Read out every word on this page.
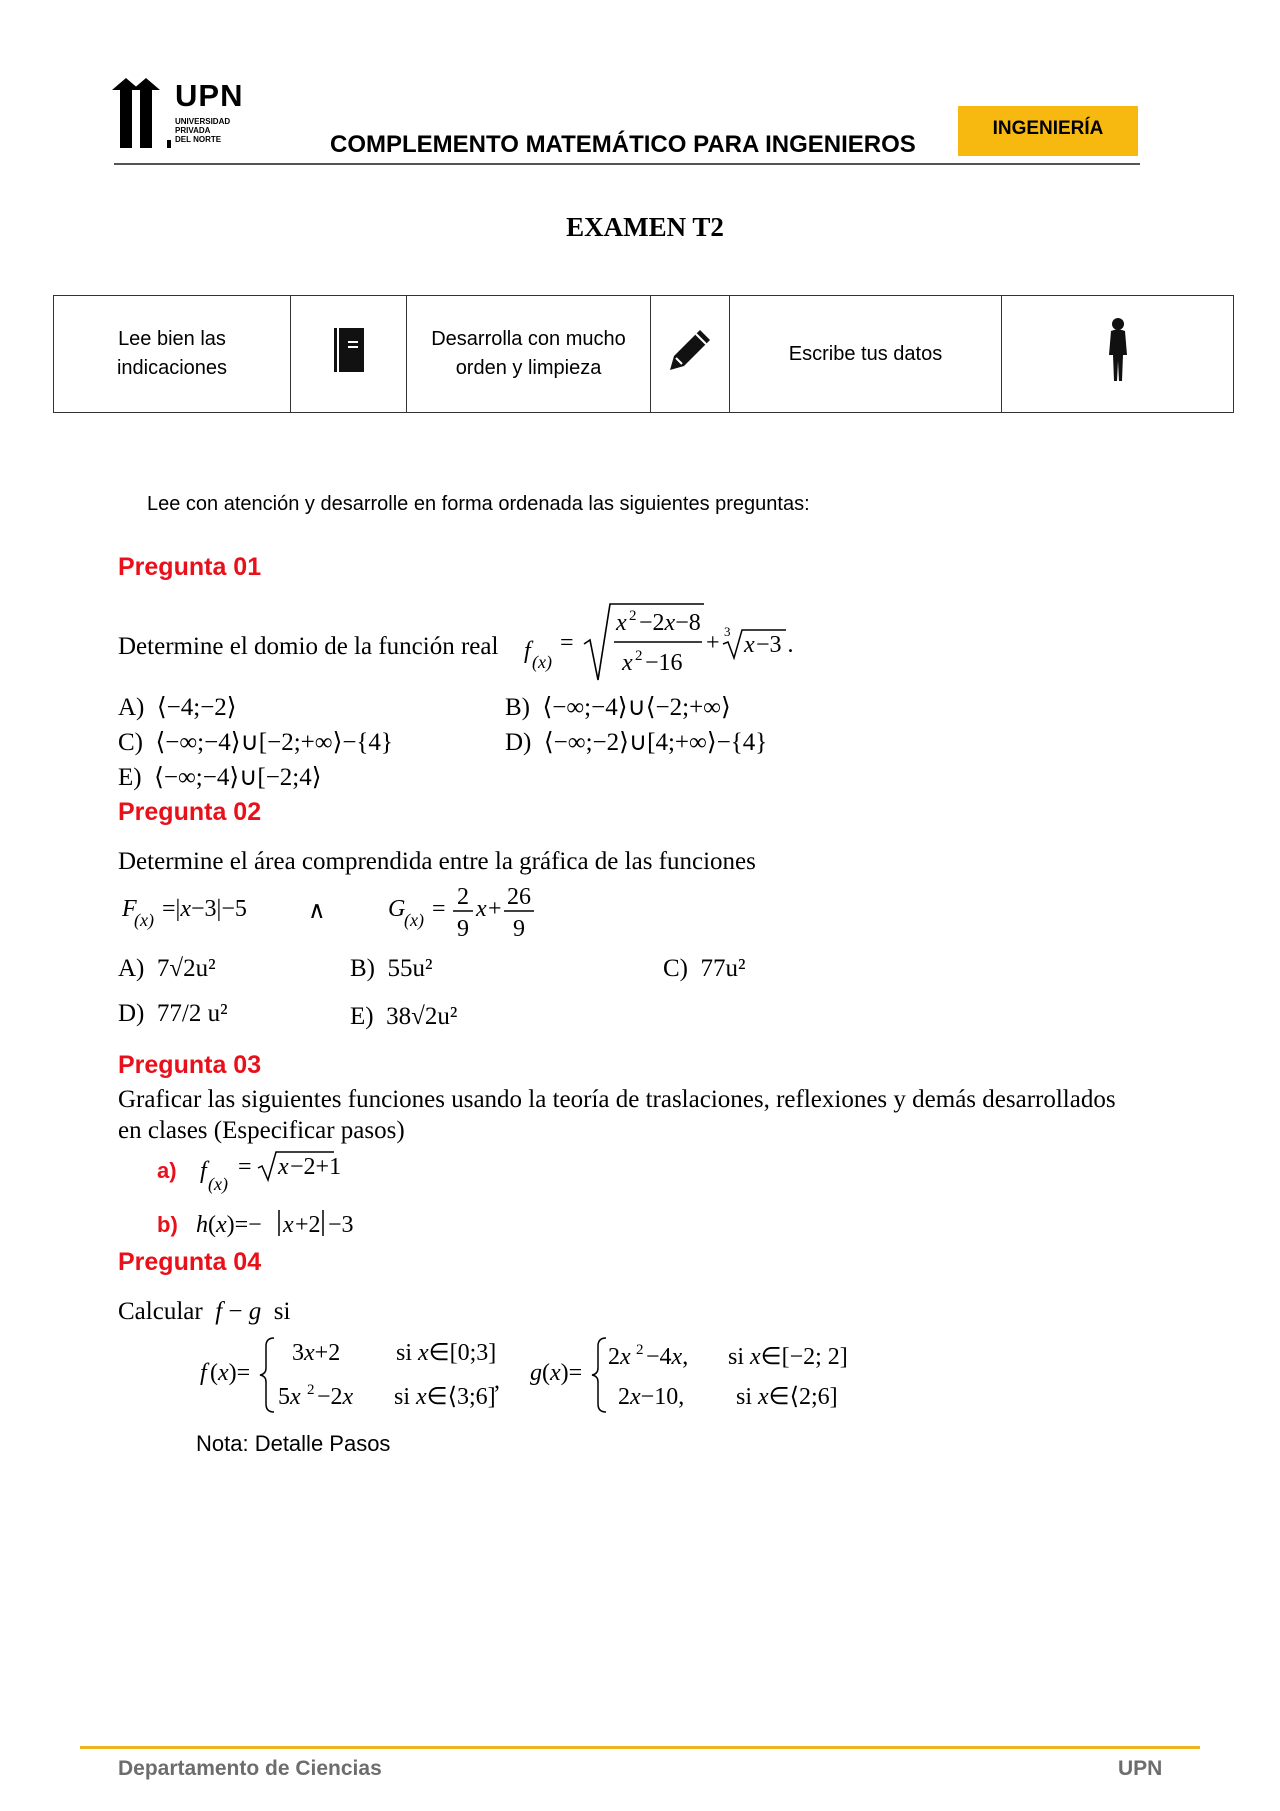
UPN
UNIVERSIDAD
PRIVADA
DEL NORTE	COMPLEMENTO MATEMÁTICO PARA INGENIEROS
INGENIERÍA
EXAMEN T2
Lee bien las indicaciones

Desarrolla con mucho orden y limpieza
		Escribe tus datos	
Lee con atención y desarrolle en forma ordenada las siguientes preguntas:
Pregunta 01
Determine el domio de la función real f (x)
=
x 2 −2x−8
x 2 −16
+ 3
x −3 .
A)  ⟨−4;−2⟩	B)  ⟨−∞;−4⟩∪⟨−2;+∞⟩
C)  ⟨−∞;−4⟩∪[−2;+∞⟩−{4}	D)  ⟨−∞;−2⟩∪[4;+∞⟩−{4}
E)  ⟨−∞;−4⟩∪[−2;4⟩
Pregunta 02
Determine el área comprendida entre la gráfica de las funciones
F
(x) =|x−3|−5	∧	G
(x) = 2
9
x + 26
9
A)  7√2u²	B)  55u²	C)  77u²
D)  77/2 u²	E)  38√2u²
Pregunta 03
Graficar las siguientes funciones usando la teoría de traslaciones, reflexiones y demás desarrollados
en clases (Especificar pasos)
a) f (x)
= x −2+1
b) h (x)=− x +2 −3
Pregunta 04
Calcular f − g  si
f (x)=
3x+2 si x∈[0;3]
5x 2 −2x si x∈⟨3;6]
, g (x)=
2x 2 −4x, si x∈[−2; 2]
2x−10, si x∈⟨2;6]
Nota: Detalle Pasos
Departamento de Ciencias	UPN
